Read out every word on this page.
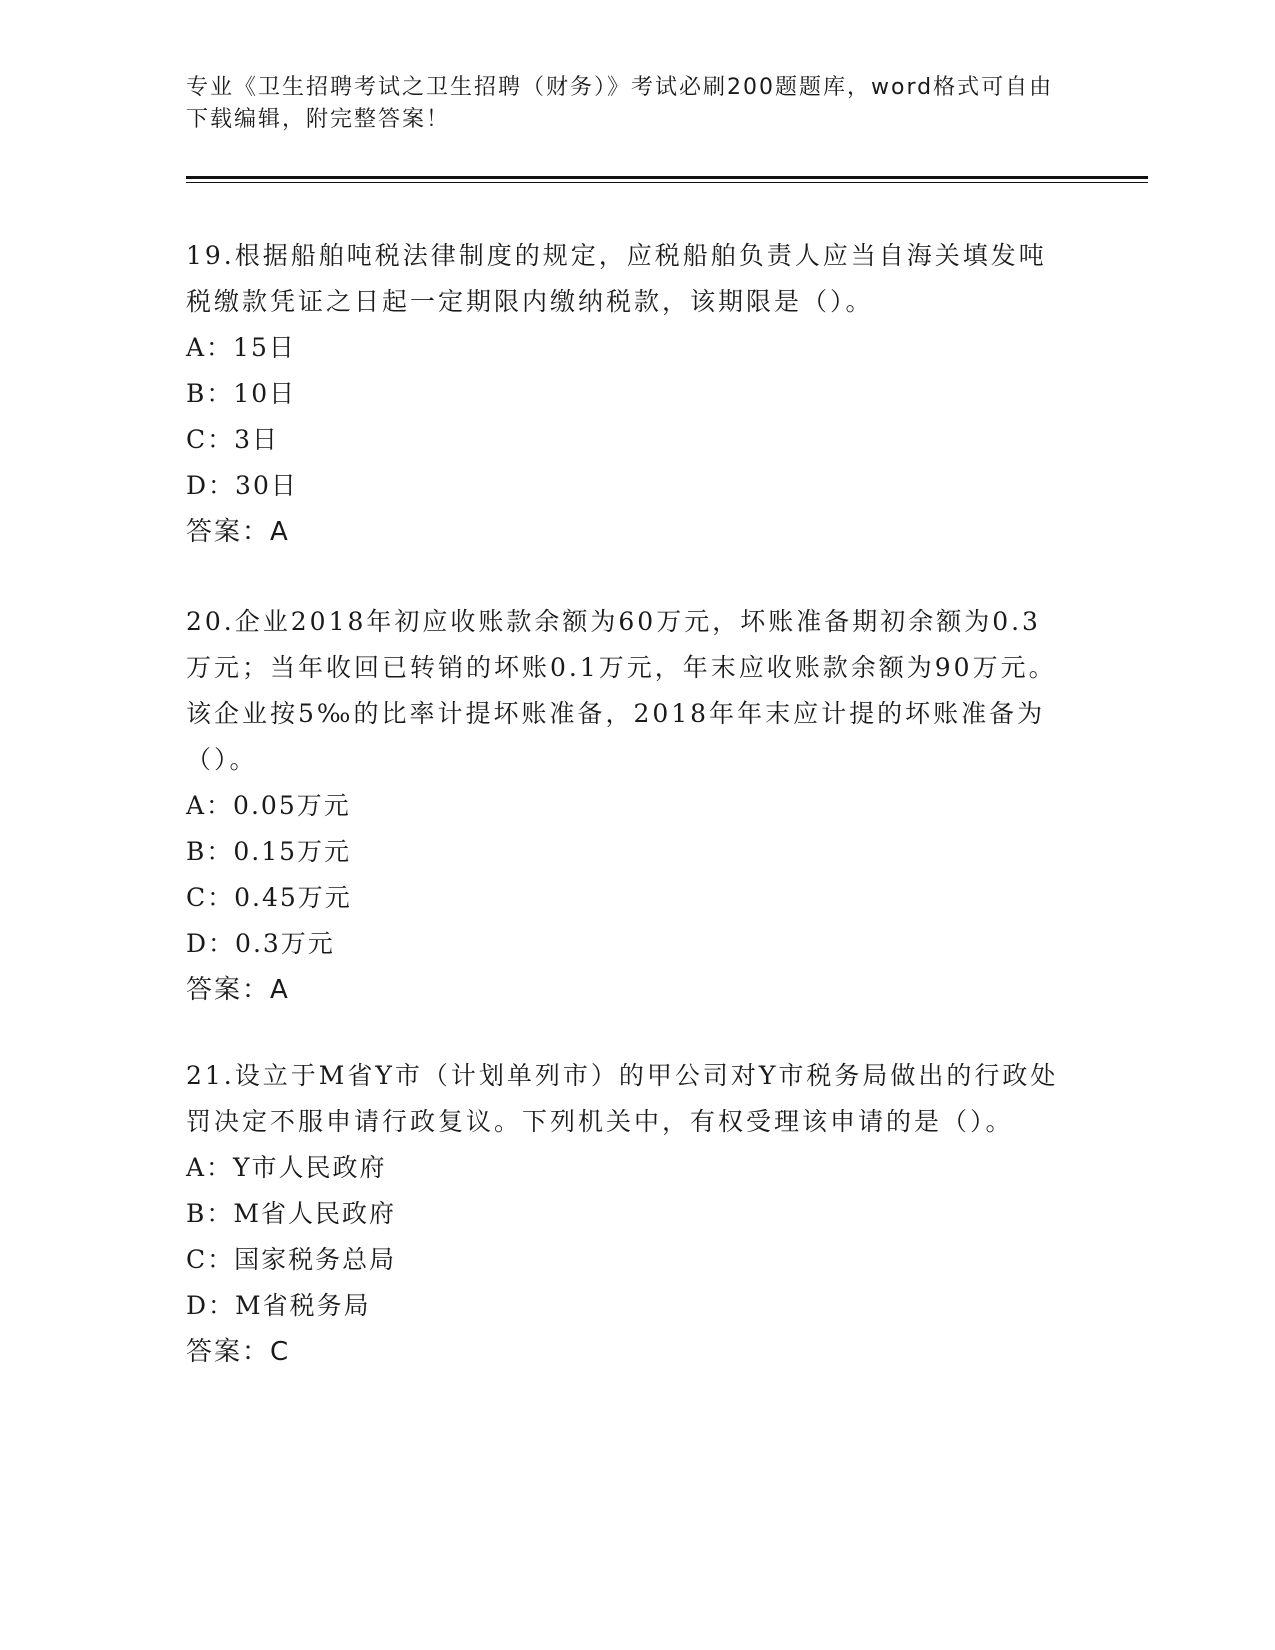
专业《卫生招聘考试之卫生招聘（财务）》考试必刷200题题库，word格式可自由下载编辑，附完整答案！

19.根据船舶吨税法律制度的规定，应税船舶负责人应当自海关填发吨税缴款凭证之日起一定期限内缴纳税款，该期限是（）。

A：15日

B：10日

C：3日

D：30日

答案：A

20.企业2018年初应收账款余额为60万元，坏账准备期初余额为0.3万元；当年收回已转销的坏账0.1万元，年末应收账款余额为90万元。该企业按5‰的比率计提坏账准备，2018年年末应计提的坏账准备为（）。

A：0.05万元

B：0.15万元

C：0.45万元

D：0.3万元

答案：A

21.设立于M省Y市（计划单列市）的甲公司对Y市税务局做出的行政处罚决定不服申请行政复议。下列机关中，有权受理该申请的是（）。

A：Y市人民政府

B：M省人民政府

C：国家税务总局

D：M省税务局

答案：C
